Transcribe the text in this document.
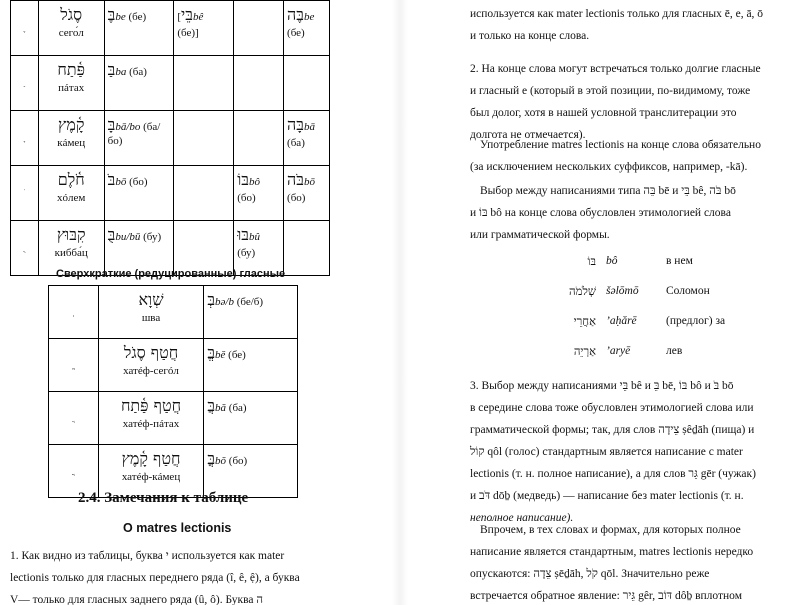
סֶגֹל
сего́л	בֶּbe (бе)	[בֵּיbê
(бе)]		בֶּהbe
(бе)

פַּ֫תַח
пáтах	בַּba (ба)	

קָ֫מֶץ
кáмец	בָּbā/bo (ба/бо)			בָּהbā
(ба)

חֹ֫לֶם
хóлем	בֹּbō (бо)		בּוֹbô
(бо)	בֹּהbō
(бо)

קִבּוּץ
кибба́ц	בֻּbu/bū (бу)		בּוּbû
(бу)	

Сверхкраткие (редуцированные) гласные

שְׁוָא
шва	בְּbə/b (бе/б)

חֲטַף סֶגֹל
хатéф-сегóл	בֱּbĕ (бе)

חֲטַף פַּ֫תַח
хатéф-пáтах	בֲּbă (ба)

חֲטַף קָ֫מֶץ
хатéф-кáмец	בֳּbŏ (бо)
2.4. Замечания к таблице
О matres lectionis
1. Как видно из таблицы, буква י используется как mater
lectionis только для гласных переднего ряда (î, ê, ệ), а буква
V— только для гласных заднего ряда (û, ô). Буква ה
используется как mater lectionis только для гласных ē, e, ā, ō
и только на конце слова.
2. На конце слова могут встречаться только долгие гласные
и гласный e (который в этой позиции, по-видимому, тоже
был долог, хотя в нашей условной транслитерации это
долгота не отмечается).
Употребление matres lectionis на конце слова обязательно
(за исключением нескольких суффиксов, например, -kā).
Выбор между написаниями типа בֵּה bē и בֵּי bê, בֹּה bō
и בּוֹ bô на конце слова обусловлен этимологией слова
или грамматической формы.
בּוֹ	bô	в нем
שְׁלֹמֹה	šəlōmō	Соломон
אַחֲרֵי	’aḥărē	(предлог) за
אַרְיֵה	’aryē	лев
3. Выбор между написаниями בֵּי bê и בֵּ bē, בּוֹ bô и בֹּ bō
в середине слова тоже обусловлен этимологией слова или
грамматической формы; так, для слов צֵידָה ṣêḏāh (пища) и
קוֹל qôl (голос) стандартным является написание с mater
lectionis (т. н. полное написание), а для слов גֵּר gēr (чужак)
и דֹּב dōḇ (медведь) — написание без mater lectionis (т. н.
неполное написание).
Впрочем, в тех словах и формах, для которых полное
написание является стандартным, matres lectionis нередко
опускаются: צֵדָה ṣēḏāh, קֹל qōl. Значительно реже
встречается обратное явление: גֵּיר gêr, דּוֹב dôḇ вплотном
